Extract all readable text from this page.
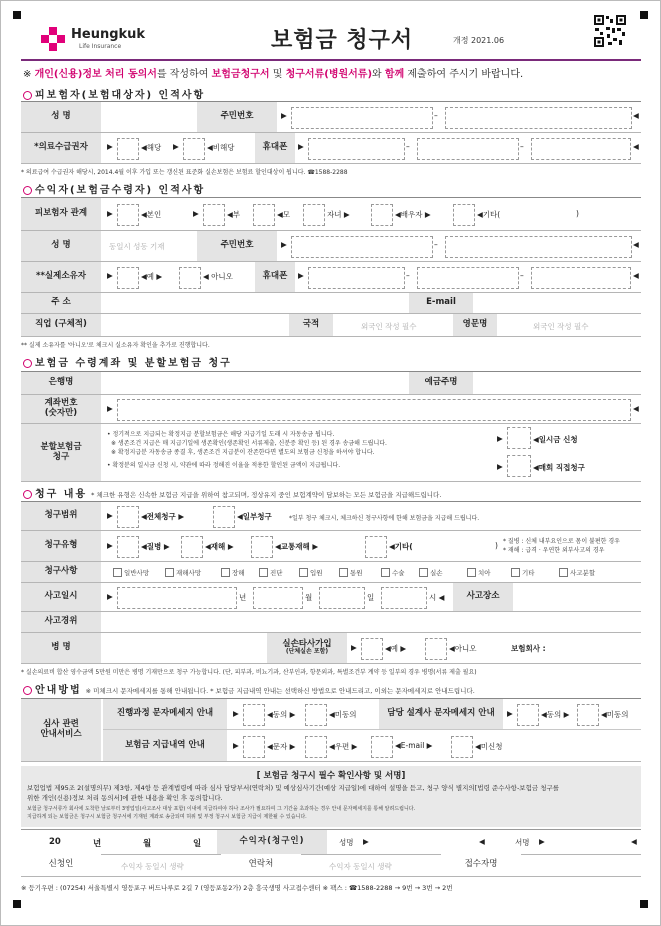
Heungkuk
Life Insurance	보험금 청구서	개정 2021.06
※ 개인(신용)정보 처리 동의서를 작성하여 보험금청구서 및 청구서류(병원서류)와 함께 제출하여 주시기 바랍니다.
피보험자(보험대상자) 인적사항
성 명	주민번호	▶	–	◀
*의료수급권자	▶	◀해당 ▶	◀비해당	휴대폰	▶	–	–	◀
* 의료급여 수급권자 해당시, 2014.4월 이후 가입 또는 갱신된 표준화 실손보험은 보험료 할인대상이 됩니다. ☎1588-2288
수익자(보험금수령자) 인적사항
피보험자 관계	▶	◀본인	▶	◀부	◀모	자녀 ▶	◀배우자 ▶	◀기타(	)
성 명	동일시 성동 기재	주민번호	▶	–	◀
**실제소유자	▶	◀예 ▶	◀ 아니오	휴대폰	▶	–	–	◀
주 소	E-mail
직업 (구체적)	국적	외국인 작성 필수	영문명	외국인 작성 필수
** 실제 소유자를 '아니오'로 체크시 실소유자 확인을 추가로 진행합니다.
보험금 수령계좌 및 분할보험금 청구
은행명	예금주명
계좌번호
(숫자만)	▶	◀
분할보험금
청구
• 정기적으로 지급되는 확정지급 분할보험금은 해당 지급기일 도래 시 자동송금 됩니다.
※ 생존조건 지급은 매 지급기일에 생존확인(생존확인 서류제출, 신분증 확인 등) 된 경우 송금해 드립니다.
※ 확정지급분 자동송금 종결 후, 생존조건 지급분이 잔존한다면 별도의 보험금 신청을 하셔야 합니다.
• 확정분의 일시금 신청 시, 약관에 따라 정해진 이율을 적용한 할인된 금액이 지급됩니다.
▶	◀일시금 신청
▶	◀매회 직접청구
청구 내용 * 체크한 유형은 신속한 보험금 지급을 위하여 참고되며, 정상유지 중인 보험계약이 담보하는 모든 보험금을 지급해드립니다.
청구범위	▶	◀전체청구 ▶	◀일부청구	*일부 청구 체크시, 체크하신 청구사항에 한해 보험금을 지급해 드립니다.
청구유형	▶	◀질병 ▶	◀재해 ▶	◀교통재해 ▶	◀기타(	) * 질병 : 신체 내부요인으로 몸이 불편한 경우
* 재해 : 급격 · 우연한 외부사고의 경우
청구사항	일반사망	재해사망	장해	진단	입원	통원	수술	실손	치아	기타	사고분할
사고일시	▶	년	월	일	시 ◀	사고장소
사고경위
병 명	실손타사가입
(단체실손 포함)	▶	◀예 ▶	◀아니오	보험회사 :
* 실손의료비 합산 영수금액 5만원 미만은 병명 기재만으로 청구 가능합니다. (단, 피부과, 비뇨기과, 산부인과, 항문외과, 특별조건부 계약 등 일부의 경우 병명(서류 제출 필요)
안내방법 ※ 미체크시 문자메세지를 통해 안내됩니다. * 보험금 지급내역 안내는 선택하신 방법으로 안내드리고, 이외는 문자메세지로 안내드립니다.
심사 관련
안내서비스
진행과정 문자메세지 안내	▶	◀동의 ▶	◀미동의	담당 설계사 문자메세지 안내	▶	◀동의 ▶	◀미동의
보험금 지급내역 안내	▶	◀문자 ▶	◀우편 ▶	◀E-mail ▶	◀미신청
[ 보험금 청구시 필수 확인사항 및 서명]
보험업법 제95조 2(설명의무) 제3항, 제4항 등 관계법령에 따라 심사 담당부서(연락처) 및 예상심사기간(예상 지급일)에 대하여 설명을 듣고, 청구 양식 별지의[법령 준수사항-보험금 청구를
위한 개인(신용)정보 처리 동의서]에 관한 내용을 확인 후 동의합니다.
보험금 청구서류가 회사에 도착한 날로부터 3영업일(사고조사 대상 포함) 이내에 지급하여야 하나 조사가 필요하여 그 기간을 초과하는 경우 안내 문자메세지를 통해 알려드립니다.
지급하게 되는 보험금은 청구시 보험금 청구서에 기재된 계좌로 송금되며 허위 및 부정 청구시 보험금 지급이 제한될 수 있습니다.
20	년	월	일	수익자(청구인)	성명 ▶	◀	서명 ▶	◀
신청인	수익자 동일시 생략	연락처	수익자 동일시 생략	접수자명
※ 등기우편 : (07254) 서울특별시 영등포구 버드나루로 2길 7 (영등포동2가) 2층 흥국생명 사고접수센터 ※ 팩스 : ☎1588-2288 → 9번 → 3번 → 2번
